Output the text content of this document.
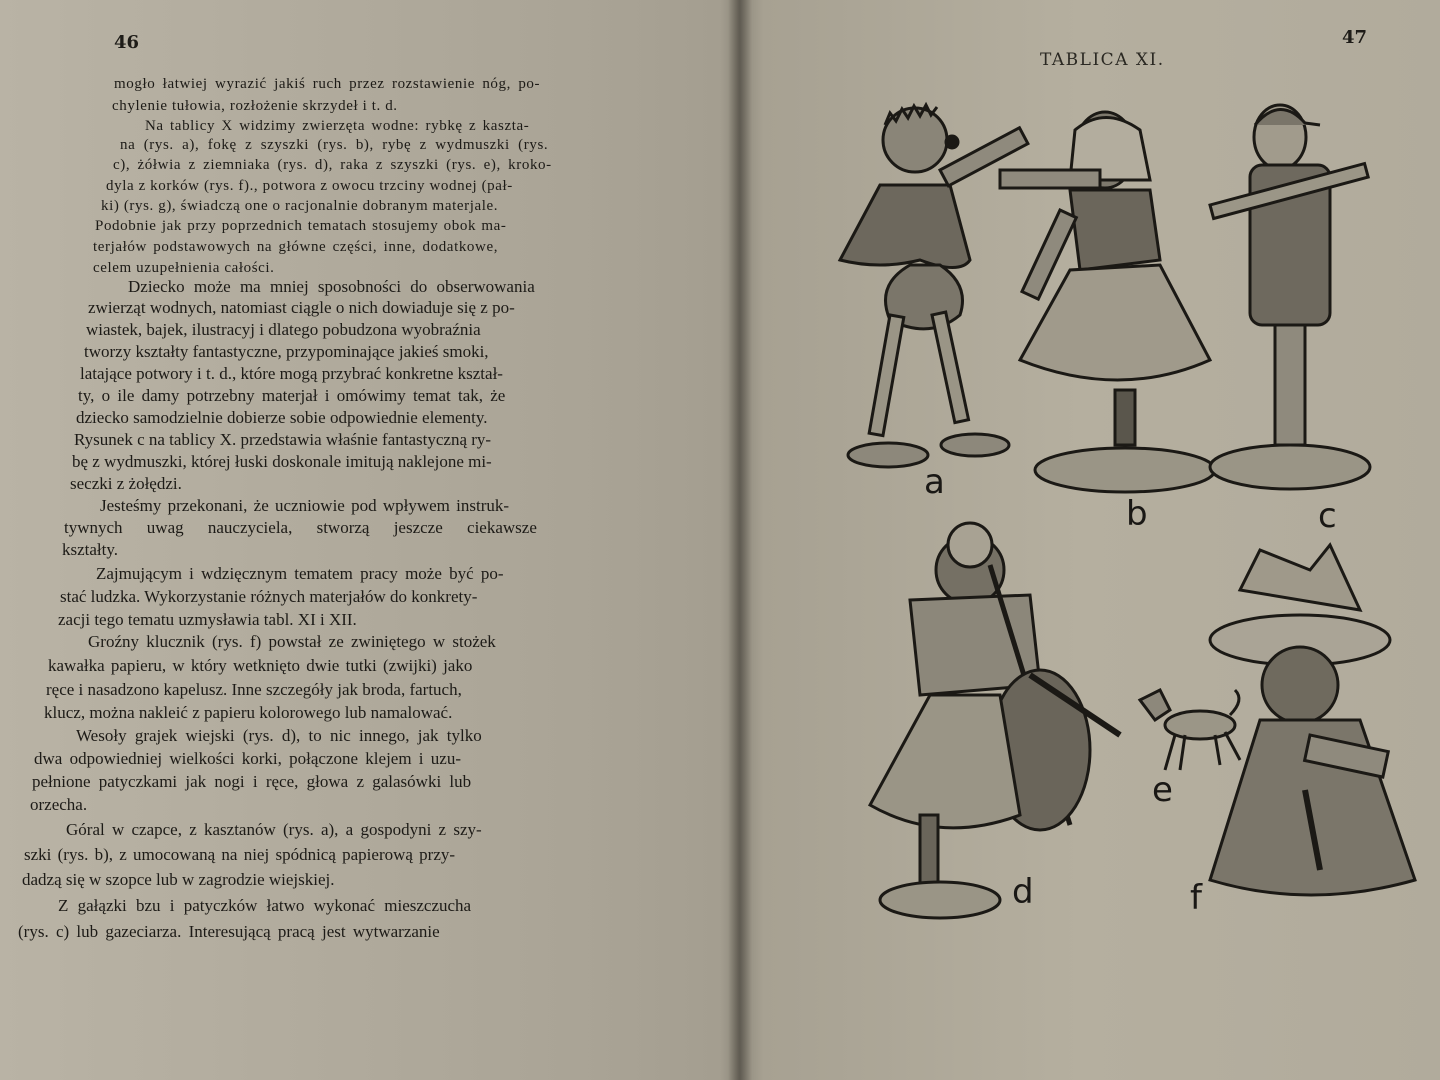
46
mogło łatwiej wyrazić jakiś ruch przez rozstawienie nóg, po-
chylenie tułowia, rozłożenie skrzydeł i t. d.
Na tablicy X widzimy zwierzęta wodne: rybkę z kaszta-
na (rys. a), fokę z szyszki (rys. b), rybę z wydmuszki (rys.
c), żółwia z ziemniaka (rys. d), raka z szyszki (rys. e), kroko-
dyla z korków (rys. f)., potwora z owocu trzciny wodnej (pał-
ki) (rys. g), świadczą one o racjonalnie dobranym materjale.
Podobnie jak przy poprzednich tematach stosujemy obok ma-
terjałów podstawowych na główne części, inne, dodatkowe,
celem uzupełnienia całości.
Dziecko może ma mniej sposobności do obserwowania
zwierząt wodnych, natomiast ciągle o nich dowiaduje się z po-
wiastek, bajek, ilustracyj i dlatego pobudzona wyobraźnia
tworzy kształty fantastyczne, przypominające jakieś smoki,
latające potwory i t. d., które mogą przybrać konkretne kształ-
ty, o ile damy potrzebny materjał i omówimy temat tak, że
dziecko samodzielnie dobierze sobie odpowiednie elementy.
Rysunek c na tablicy X. przedstawia właśnie fantastyczną ry-
bę z wydmuszki, której łuski doskonale imitują naklejone mi-
seczki z żołędzi.
Jesteśmy przekonani, że uczniowie pod wpływem instruk-
tywnych uwag nauczyciela, stworzą jeszcze ciekawsze
kształty.
Zajmującym i wdzięcznym tematem pracy może być po-
stać ludzka. Wykorzystanie różnych materjałów do konkrety-
zacji tego tematu uzmysławia tabl. XI i XII.
Groźny klucznik (rys. f) powstał ze zwiniętego w stożek
kawałka papieru, w który wetknięto dwie tutki (zwijki) jako
ręce i nasadzono kapelusz. Inne szczegóły jak broda, fartuch,
klucz, można nakleić z papieru kolorowego lub namalować.
Wesoły grajek wiejski (rys. d), to nic innego, jak tylko
dwa odpowiedniej wielkości korki, połączone klejem i uzu-
pełnione patyczkami jak nogi i ręce, głowa z galasówki lub
orzecha.
Góral w czapce, z kasztanów (rys. a), a gospodyni z szy-
szki (rys. b), z umocowaną na niej spódnicą papierową przy-
dadzą się w szopce lub w zagrodzie wiejskiej.
Z gałązki bzu i patyczków łatwo wykonać mieszczucha
(rys. c) lub gazeciarza. Interesującą pracą jest wytwarzanie
47
TABLICA XI.
a
b	c
d
e
f
